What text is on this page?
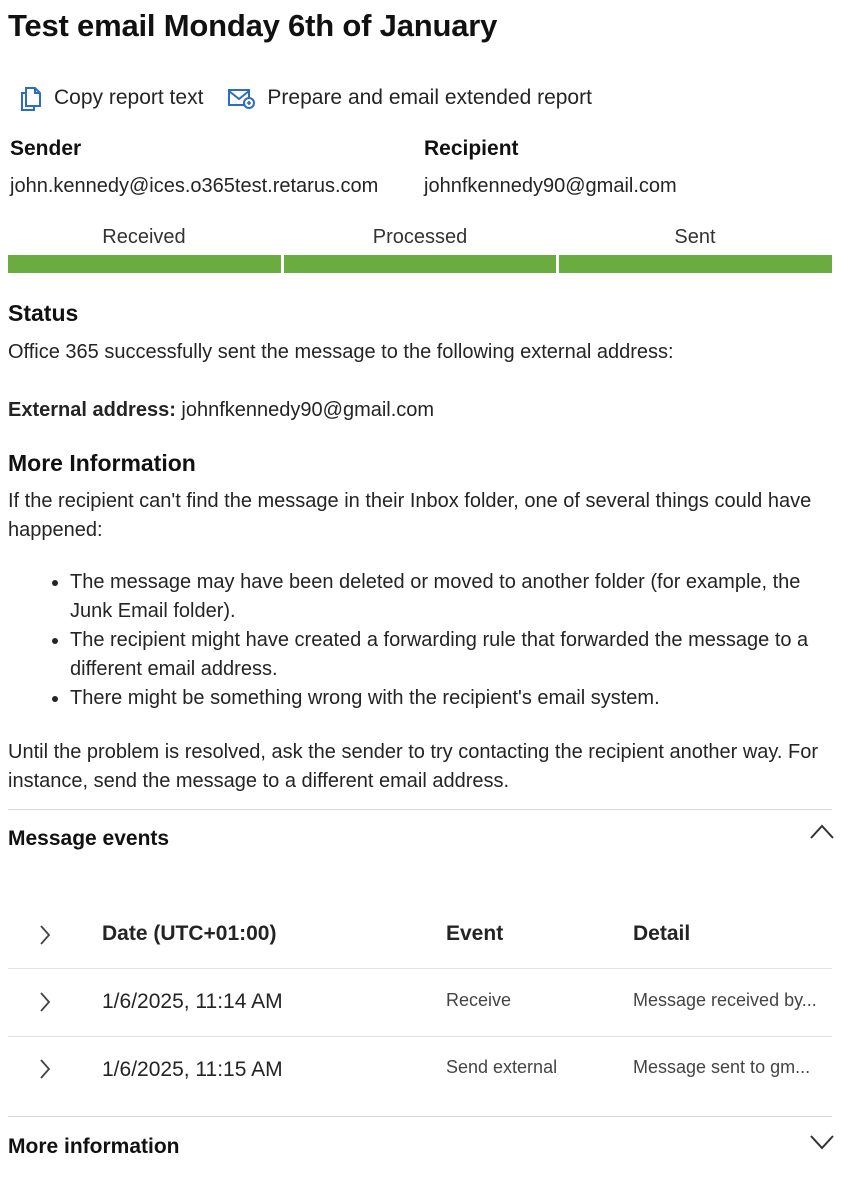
Test email Monday 6th of January
Copy report text	Prepare and email extended report
Sender
john.kennedy@ices.o365test.retarus.com
Recipient
johnfkennedy90@gmail.com
Received	Processed	Sent
Status
Office 365 successfully sent the message to the following external address:
External address: johnfkennedy90@gmail.com
More Information
If the recipient can't find the message in their Inbox folder, one of several things could have happened:
• The message may have been deleted or moved to another folder (for example, the Junk Email folder).
• The recipient might have created a forwarding rule that forwarded the message to a different email address.
• There might be something wrong with the recipient's email system.
Until the problem is resolved, ask the sender to try contacting the recipient another way. For instance, send the message to a different email address.
Message events
Date (UTC+01:00)	Event	Detail
1/6/2025, 11:14 AM	Receive	Message received by...
1/6/2025, 11:15 AM	Send external	Message sent to gm...
More information
